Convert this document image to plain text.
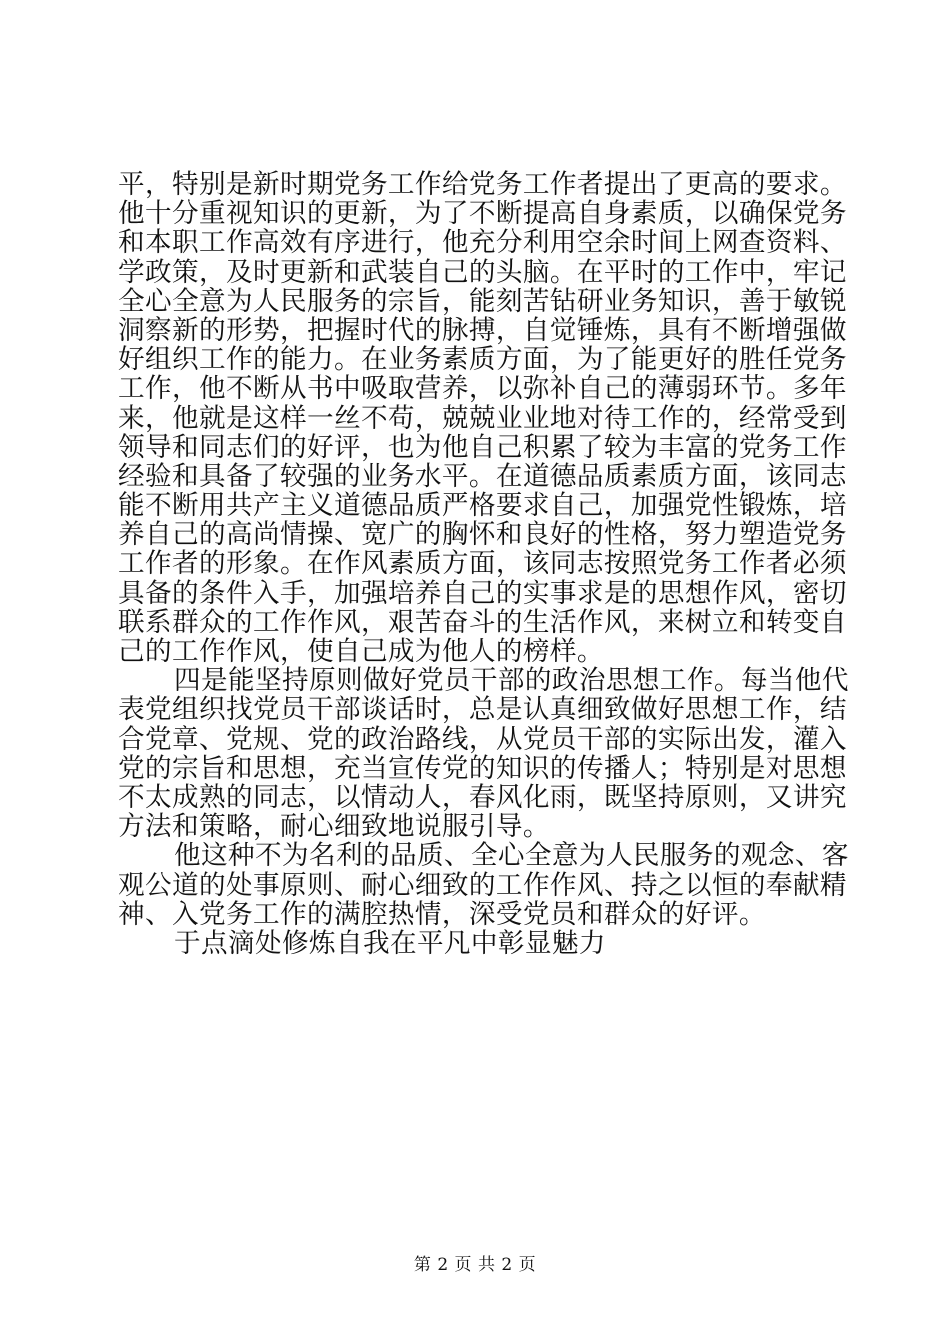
平，特别是新时期党务工作给党务工作者提出了更高的要求。
他十分重视知识的更新，为了不断提高自身素质，以确保党务
和本职工作高效有序进行，他充分利用空余时间上网查资料、
学政策，及时更新和武装自己的头脑。在平时的工作中，牢记
全心全意为人民服务的宗旨，能刻苦钻研业务知识，善于敏锐
洞察新的形势，把握时代的脉搏，自觉锤炼，具有不断增强做
好组织工作的能力。在业务素质方面，为了能更好的胜任党务
工作，他不断从书中吸取营养，以弥补自己的薄弱环节。多年
来，他就是这样一丝不苟，兢兢业业地对待工作的，经常受到
领导和同志们的好评，也为他自己积累了较为丰富的党务工作
经验和具备了较强的业务水平。在道德品质素质方面，该同志
能不断用共产主义道德品质严格要求自己，加强党性锻炼，培
养自己的高尚情操、宽广的胸怀和良好的性格，努力塑造党务
工作者的形象。在作风素质方面，该同志按照党务工作者必须
具备的条件入手，加强培养自己的实事求是的思想作风，密切
联系群众的工作作风，艰苦奋斗的生活作风，来树立和转变自
己的工作作风，使自己成为他人的榜样。
四是能坚持原则做好党员干部的政治思想工作。每当他代
表党组织找党员干部谈话时，总是认真细致做好思想工作，结
合党章、党规、党的政治路线，从党员干部的实际出发，灌入
党的宗旨和思想，充当宣传党的知识的传播人；特别是对思想
不太成熟的同志，以情动人，春风化雨，既坚持原则，又讲究
方法和策略，耐心细致地说服引导。
他这种不为名利的品质、全心全意为人民服务的观念、客
观公道的处事原则、耐心细致的工作作风、持之以恒的奉献精
神、入党务工作的满腔热情，深受党员和群众的好评。
于点滴处修炼自我在平凡中彰显魅力
第 2 页 共 2 页
